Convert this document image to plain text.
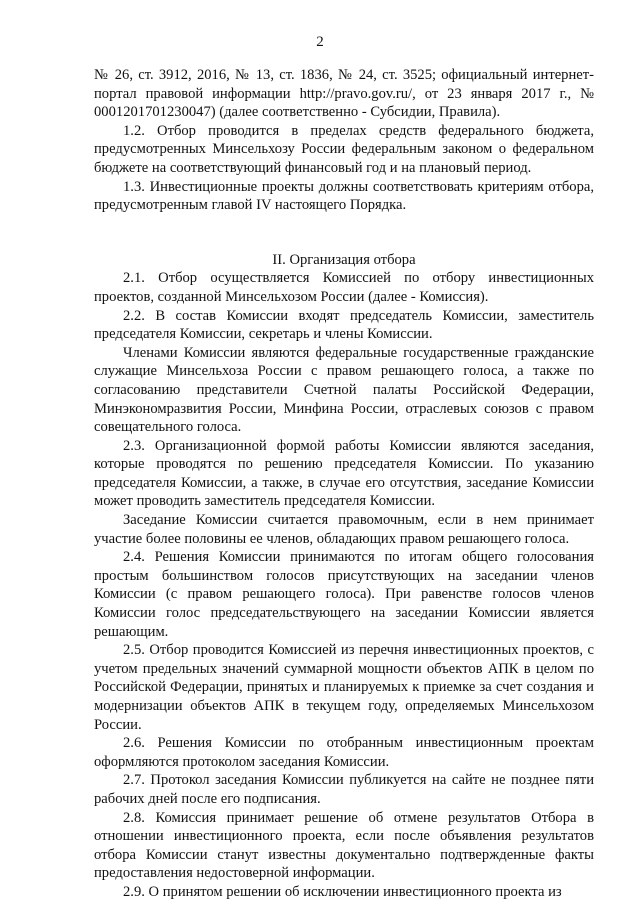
2

№ 26, ст. 3912, 2016, № 13, ст. 1836, № 24, ст. 3525; официальный интернет-портал правовой информации http://pravo.gov.ru/, от 23 января 2017 г., № 0001201701230047) (далее соответственно - Субсидии, Правила).

1.2. Отбор проводится в пределах средств федерального бюджета, предусмотренных Минсельхозу России федеральным законом о федеральном бюджете на соответствующий финансовый год и на плановый период.

1.3. Инвестиционные проекты должны соответствовать критериям отбора, предусмотренным главой IV настоящего Порядка.

II. Организация отбора

2.1. Отбор осуществляется Комиссией по отбору инвестиционных проектов, созданной Минсельхозом России (далее - Комиссия).

2.2. В состав Комиссии входят председатель Комиссии, заместитель председателя Комиссии, секретарь и члены Комиссии.

Членами Комиссии являются федеральные государственные гражданские служащие Минсельхоза России с правом решающего голоса, а также по согласованию представители Счетной палаты Российской Федерации, Минэкономразвития России, Минфина России, отраслевых союзов с правом совещательного голоса.

2.3. Организационной формой работы Комиссии являются заседания, которые проводятся по решению председателя Комиссии. По указанию председателя Комиссии, а также, в случае его отсутствия, заседание Комиссии может проводить заместитель председателя Комиссии.

Заседание Комиссии считается правомочным, если в нем принимает участие более половины ее членов, обладающих правом решающего голоса.

2.4. Решения Комиссии принимаются по итогам общего голосования простым большинством голосов присутствующих на заседании членов Комиссии (с правом решающего голоса). При равенстве голосов членов Комиссии голос председательствующего на заседании Комиссии является решающим.

2.5. Отбор проводится Комиссией из перечня инвестиционных проектов, с учетом предельных значений суммарной мощности объектов АПК в целом по Российской Федерации, принятых и планируемых к приемке за счет создания и модернизации объектов АПК в текущем году, определяемых Минсельхозом России.

2.6. Решения Комиссии по отобранным инвестиционным проектам оформляются протоколом заседания Комиссии.

2.7. Протокол заседания Комиссии публикуется на сайте не позднее пяти рабочих дней после его подписания.

2.8. Комиссия принимает решение об отмене результатов Отбора в отношении инвестиционного проекта, если после объявления результатов отбора Комиссии станут известны документально подтвержденные факты предоставления недостоверной информации.

2.9. О принятом решении об исключении инвестиционного проекта из
